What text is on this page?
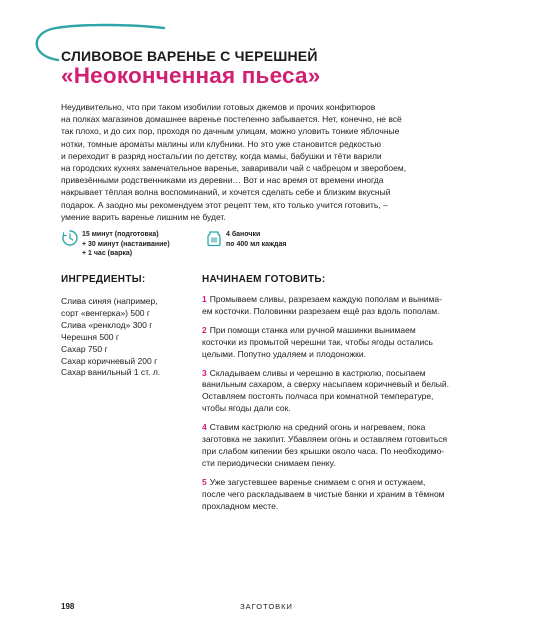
СЛИВОВОЕ ВАРЕНЬЕ С ЧЕРЕШНЕЙ
«Неоконченная пьеса»
Неудивительно, что при таком изобилии готовых джемов и прочих конфитюров
на полках магазинов домашнее варенье постепенно забывается. Нет, конечно, не всё
так плохо, и до сих пор, проходя по дачным улицам, можно уловить тонкие яблочные
нотки, томные ароматы малины или клубники. Но это уже становится редкостью
и переходит в разряд ностальгии по детству, когда мамы, бабушки и тёти варили
на городских кухнях замечательное варенье, заваривали чай с чабрецом и зверобоем,
привезёнными родственниками из деревни… Вот и нас время от времени иногда
накрывает тёплая волна воспоминаний, и хочется сделать себе и близким вкусный
подарок. А заодно мы рекомендуем этот рецепт тем, кто только учится готовить, –
умение варить варенье лишним не будет.
15 минут (подготовка)
+ 30 минут (настаивание)
+ 1 час (варка)
4 баночки
по 400 мл каждая
ИНГРЕДИЕНТЫ:
Слива синяя (например,
сорт «венгерка») 500 г
Слива «ренклод» 300 г
Черешня 500 г
Сахар 750 г
Сахар коричневый 200 г
Сахар ванильный 1 ст. л.
НАЧИНАЕМ ГОТОВИТЬ:
1 Промываем сливы, разрезаем каждую пополам и вынима-
ем косточки. Половинки разрезаем ещё раз вдоль пополам.
2 При помощи станка или ручной машинки вынимаем
косточки из промытой черешни так, чтобы ягоды остались
целыми. Попутно удаляем и плодоножки.
3 Складываем сливы и черешню в кастрюлю, посыпаем
ванильным сахаром, а сверху насыпаем коричневый и белый.
Оставляем постоять полчаса при комнатной температуре,
чтобы ягоды дали сок.
4 Ставим кастрюлю на средний огонь и нагреваем, пока
заготовка не закипит. Убавляем огонь и оставляем готовиться
при слабом кипении без крышки около часа. По необходимо-
сти периодически снимаем пенку.
5 Уже загустевшее варенье снимаем с огня и остужаем,
после чего раскладываем в чистые банки и храним в тёмном
прохладном месте.
198	ЗАГОТОВКИ
